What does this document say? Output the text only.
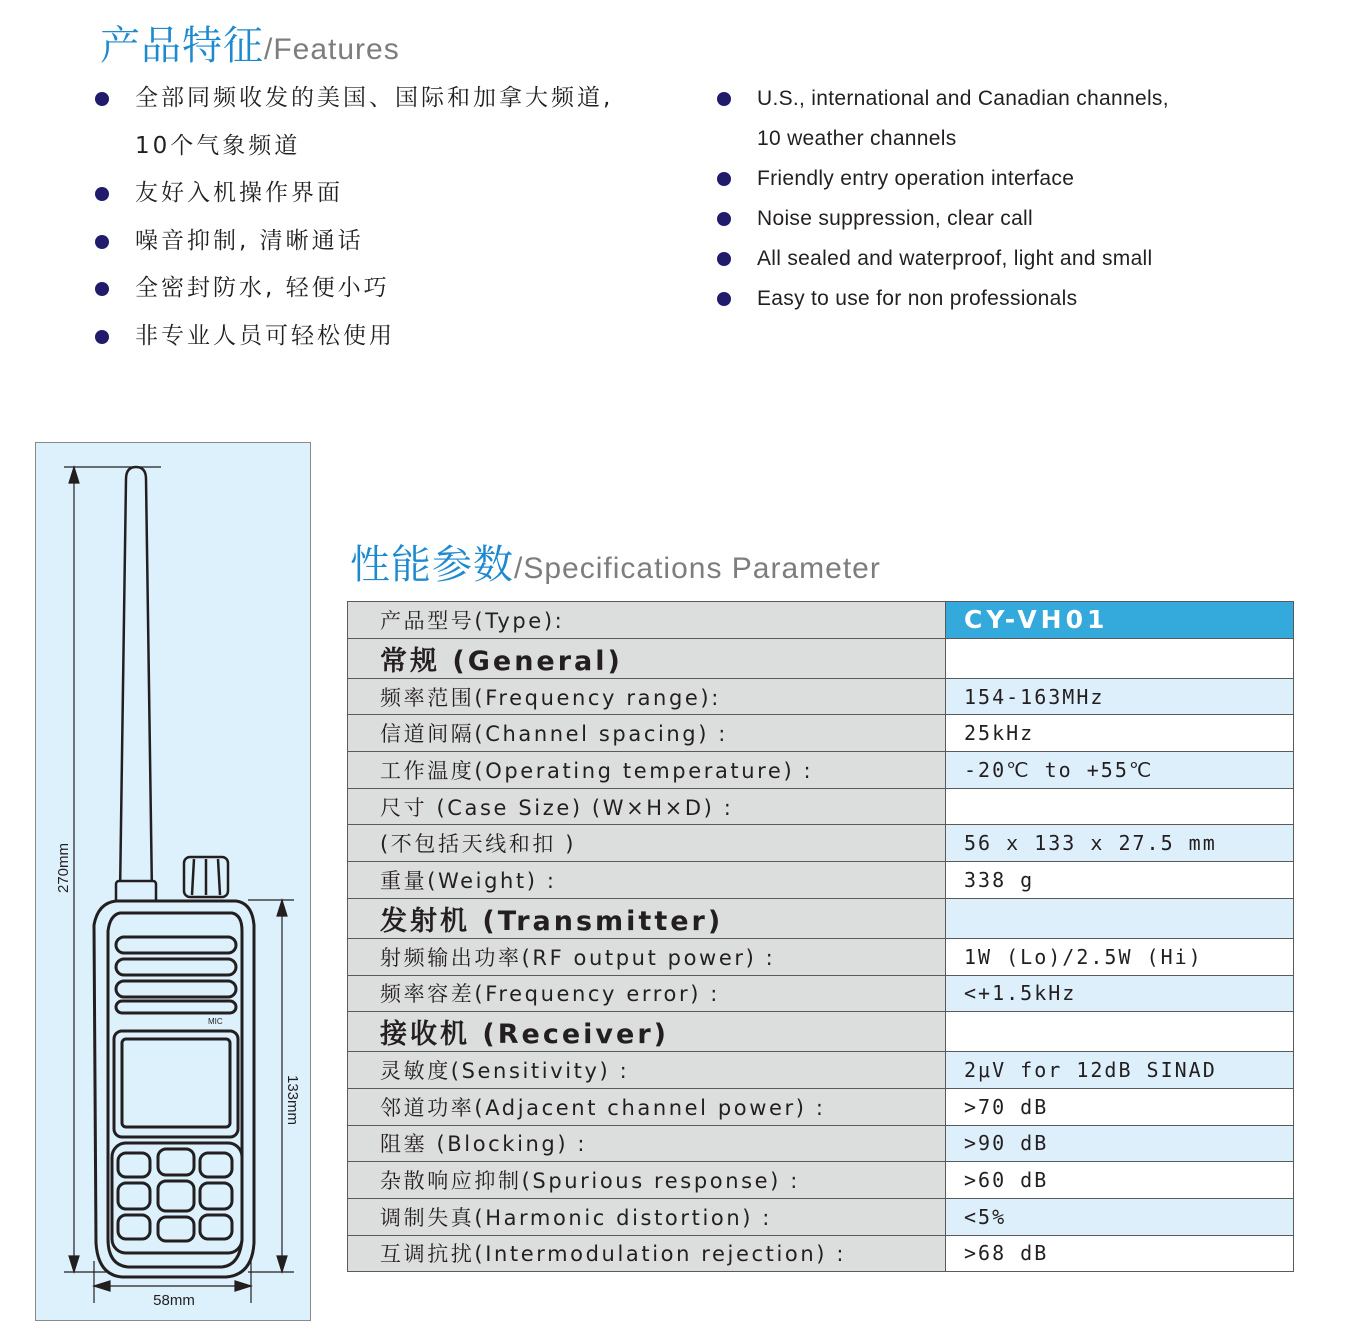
产品特征/Features
全部同频收发的美国、国际和加拿大频道,
10个气象频道
友好入机操作界面
噪音抑制, 清晰通话
全密封防水, 轻便小巧
非专业人员可轻松使用
U.S., international and Canadian channels,
10 weather channels
Friendly entry operation interface
Noise suppression, clear call
All sealed and waterproof, light and small
Easy to use for non professionals
270mm
133mm
58mm
MIC
性能参数/Specifications Parameter
产品型号(Type):	CY-VH01
常规 (General)	
频率范围(Frequency range):	154-163MHz
信道间隔(Channel spacing) :	25kHz
工作温度(Operating temperature) :	-20℃ to +55℃
尺寸 (Case Size) (W×H×D) :	
(不包括天线和扣 )	56 x 133 x 27.5 mm
重量(Weight) :	338 g
发射机 (Transmitter)	
射频输出功率(RF output power) :	1W (Lo)/2.5W (Hi)
频率容差(Frequency error) :	<+1.5kHz
接收机 (Receiver)	
灵敏度(Sensitivity) :	2μV for 12dB SINAD
邻道功率(Adjacent channel power) :	>70 dB
阻塞 (Blocking) :	>90 dB
杂散响应抑制(Spurious response) :	>60 dB
调制失真(Harmonic distortion) :	<5%
互调抗扰(Intermodulation rejection) :	>68 dB
